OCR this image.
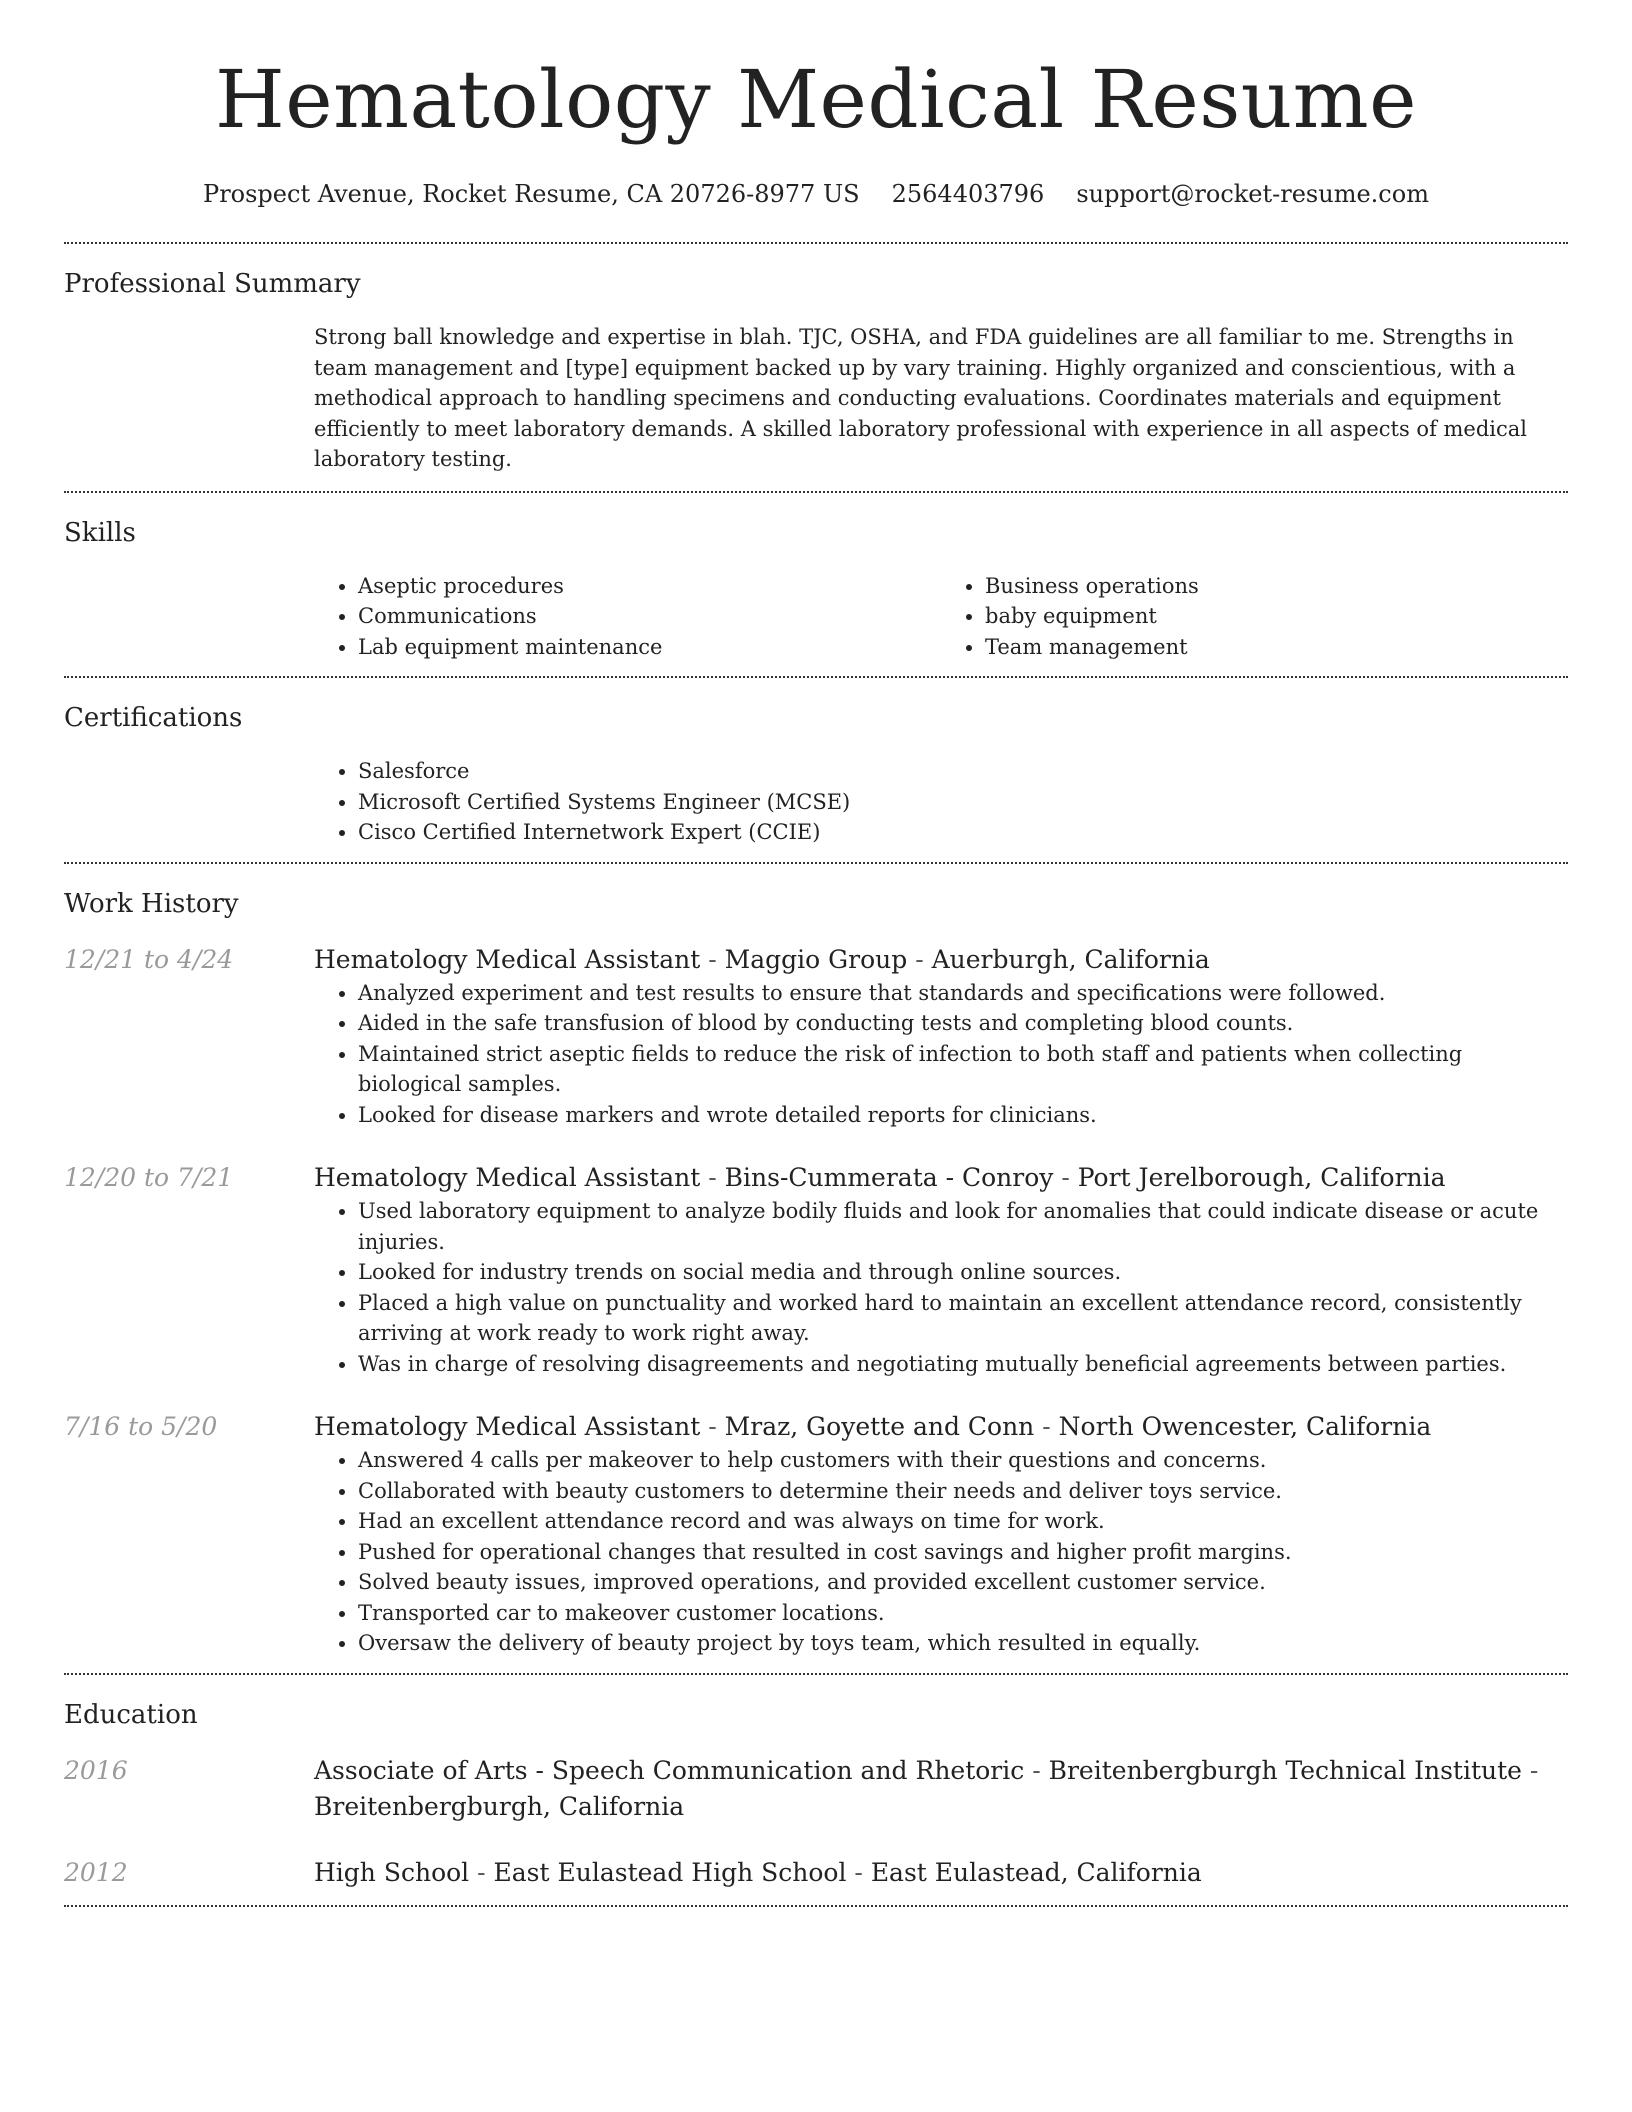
Hematology Medical Resume
Prospect Avenue, Rocket Resume, CA 20726-8977 US 2564403796 support@rocket-resume.com
Professional Summary
Strong ball knowledge and expertise in blah. TJC, OSHA, and FDA guidelines are all familiar to me. Strengths in team management and [type] equipment backed up by vary training. Highly organized and conscientious, with a methodical approach to handling specimens and conducting evaluations. Coordinates materials and equipment efficiently to meet laboratory demands. A skilled laboratory professional with experience in all aspects of medical laboratory testing.
Skills
• Aseptic procedures
• Communications
• Lab equipment maintenance
• Business operations
• baby equipment
• Team management
Certifications
• Salesforce
• Microsoft Certified Systems Engineer (MCSE)
• Cisco Certified Internetwork Expert (CCIE)
Work History
12/21 to 4/24	Hematology Medical Assistant - Maggio Group - Auerburgh, California
• Analyzed experiment and test results to ensure that standards and specifications were followed.
• Aided in the safe transfusion of blood by conducting tests and completing blood counts.
• Maintained strict aseptic fields to reduce the risk of infection to both staff and patients when collecting biological samples.
• Looked for disease markers and wrote detailed reports for clinicians.
12/20 to 7/21	Hematology Medical Assistant - Bins-Cummerata - Conroy - Port Jerelborough, California
• Used laboratory equipment to analyze bodily fluids and look for anomalies that could indicate disease or acute injuries.
• Looked for industry trends on social media and through online sources.
• Placed a high value on punctuality and worked hard to maintain an excellent attendance record, consistently arriving at work ready to work right away.
• Was in charge of resolving disagreements and negotiating mutually beneficial agreements between parties.
7/16 to 5/20	Hematology Medical Assistant - Mraz, Goyette and Conn - North Owencester, California
• Answered 4 calls per makeover to help customers with their questions and concerns.
• Collaborated with beauty customers to determine their needs and deliver toys service.
• Had an excellent attendance record and was always on time for work.
• Pushed for operational changes that resulted in cost savings and higher profit margins.
• Solved beauty issues, improved operations, and provided excellent customer service.
• Transported car to makeover customer locations.
• Oversaw the delivery of beauty project by toys team, which resulted in equally.
Education
2016	Associate of Arts - Speech Communication and Rhetoric - Breitenbergburgh Technical Institute - Breitenbergburgh, California
2012	High School - East Eulastead High School - East Eulastead, California
